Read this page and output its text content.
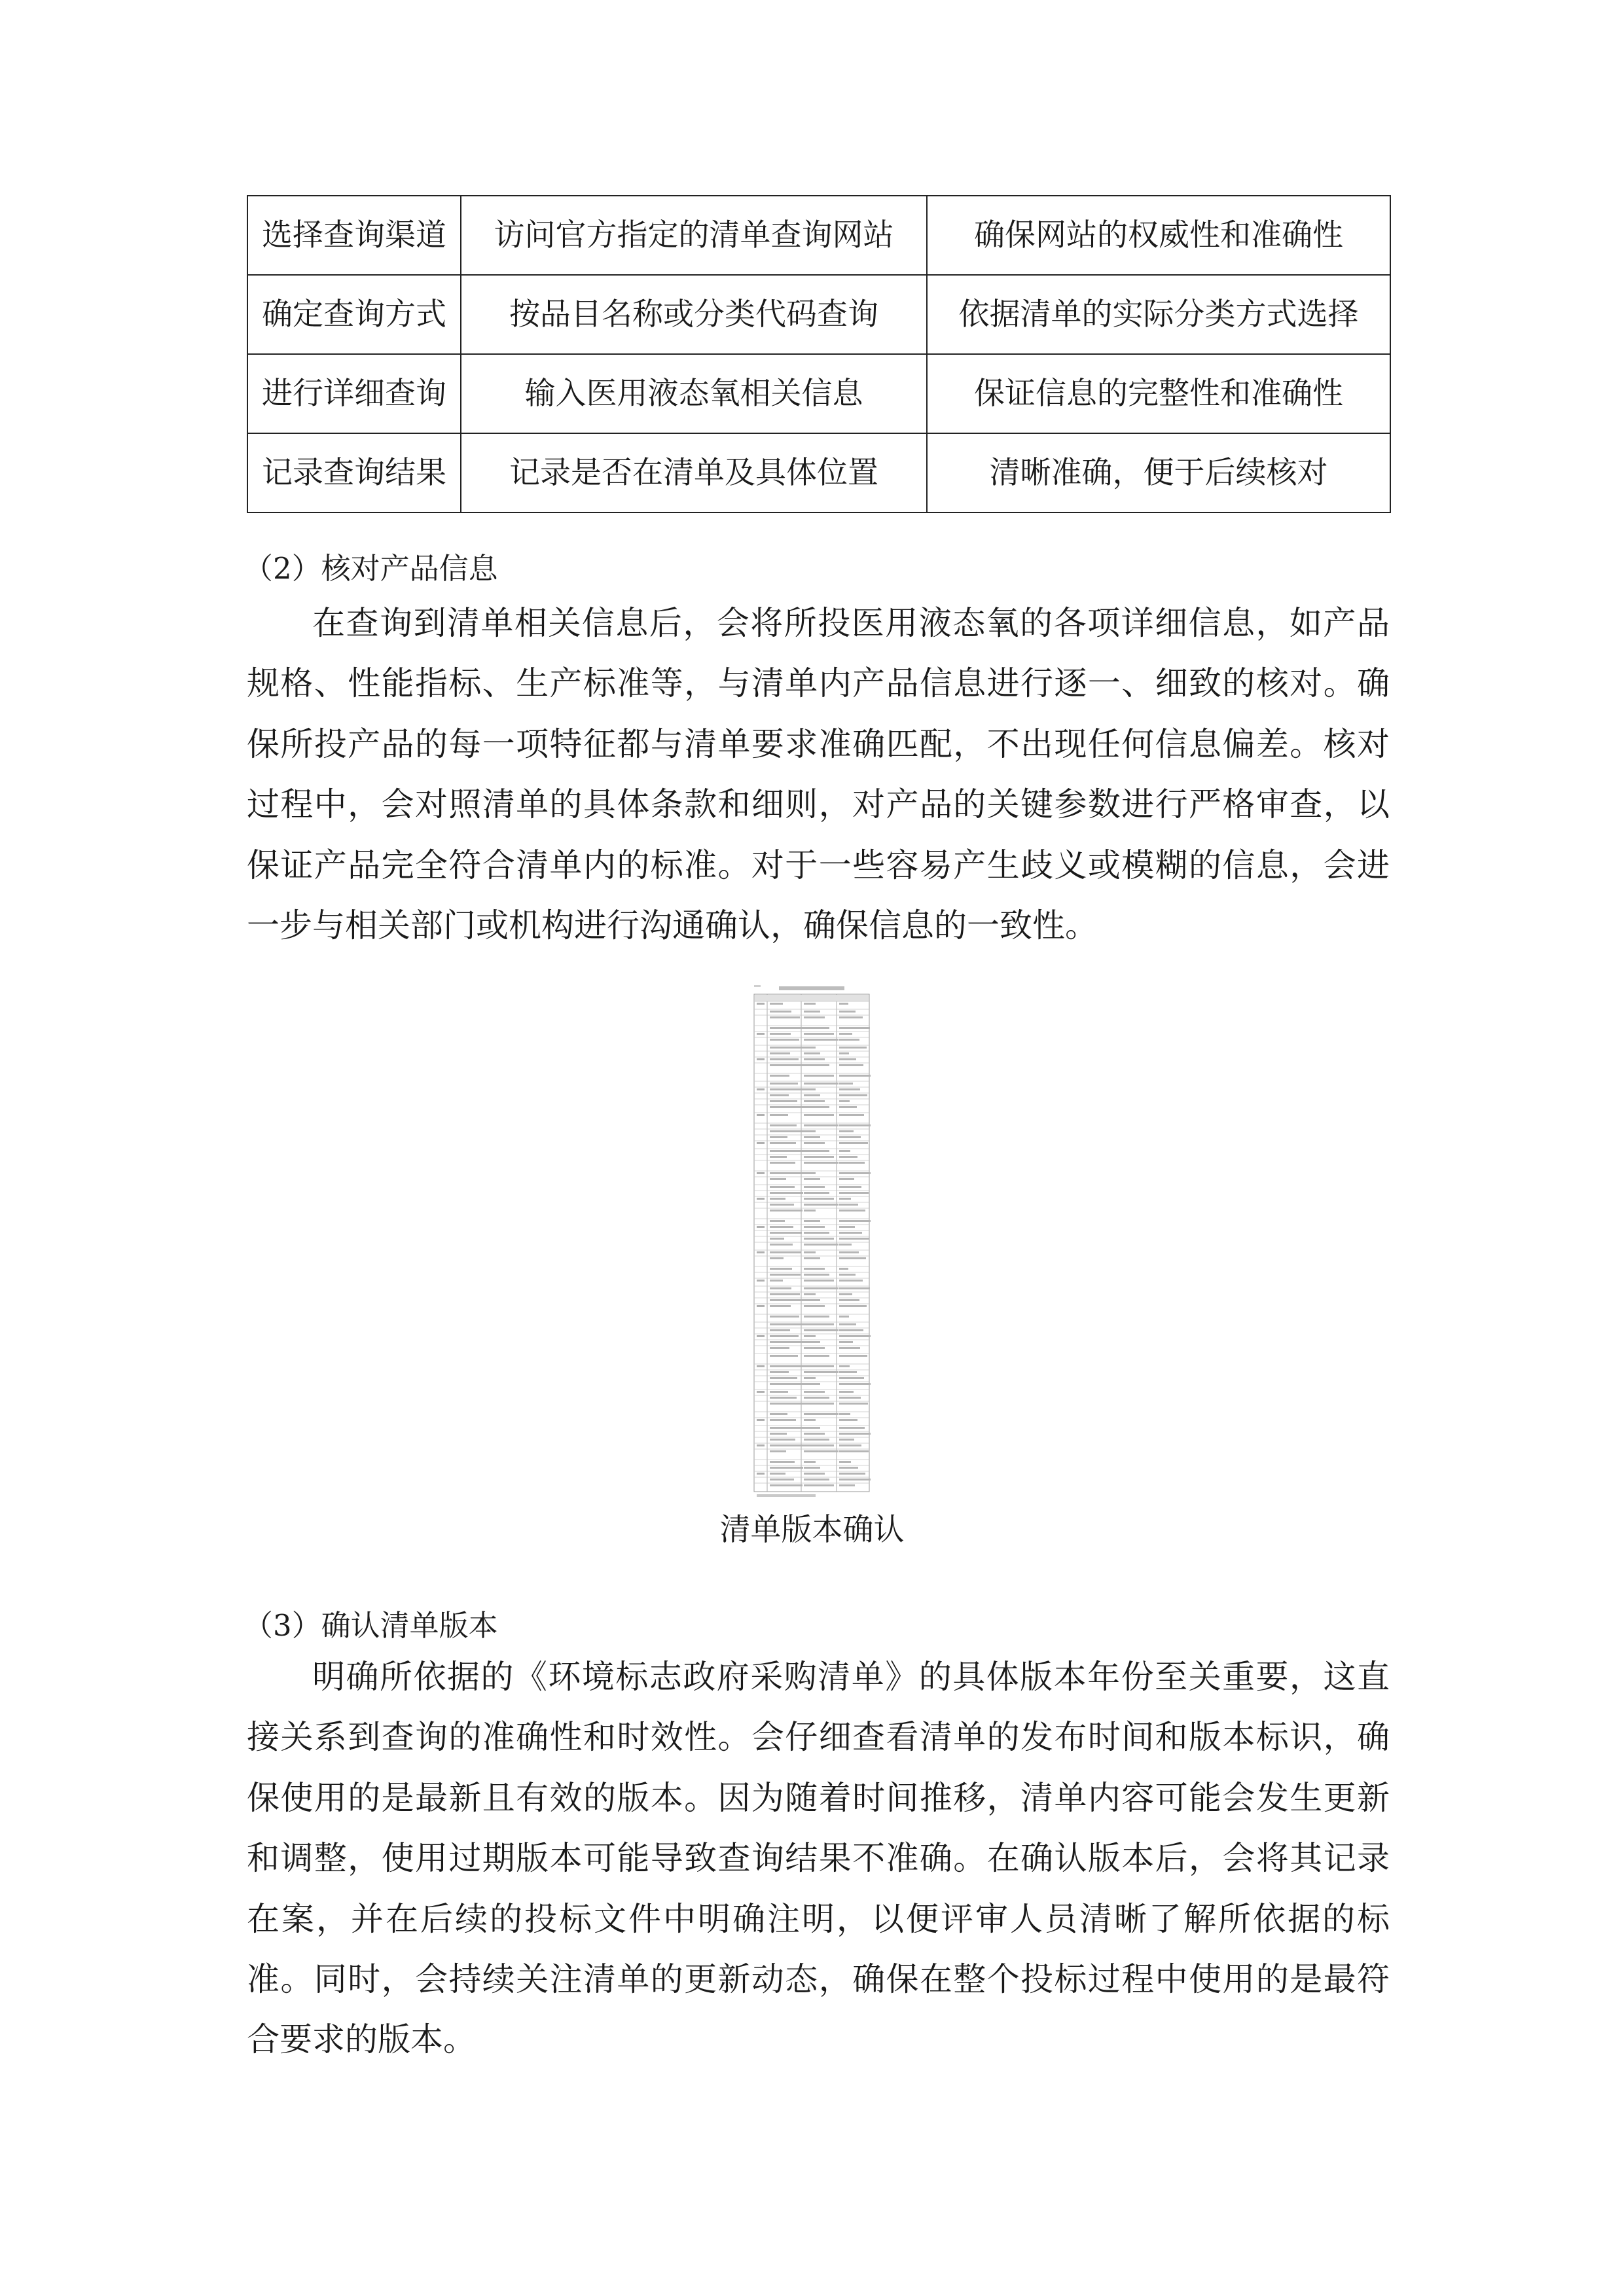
选择查询渠道	访问官方指定的清单查询网站	确保网站的权威性和准确性
确定查询方式	按品目名称或分类代码查询	依据清单的实际分类方式选择
进行详细查询	输入医用液态氧相关信息	保证信息的完整性和准确性
记录查询结果	记录是否在清单及具体位置	清晰准确，便于后续核对
（2）核对产品信息

在查询到清单相关信息后，会将所投医用液态氧的各项详细信息，如产品规格、性能指标、生产标准等，与清单内产品信息进行逐一、细致的核对。确保所投产品的每一项特征都与清单要求准确匹配，不出现任何信息偏差。核对过程中，会对照清单的具体条款和细则，对产品的关键参数进行严格审查，以保证产品完全符合清单内的标准。对于一些容易产生歧义或模糊的信息，会进一步与相关部门或机构进行沟通确认，确保信息的一致性。

清单版本确认
（3）确认清单版本

明确所依据的《环境标志政府采购清单》的具体版本年份至关重要，这直接关系到查询的准确性和时效性。会仔细查看清单的发布时间和版本标识，确保使用的是最新且有效的版本。因为随着时间推移，清单内容可能会发生更新和调整，使用过期版本可能导致查询结果不准确。在确认版本后，会将其记录在案，并在后续的投标文件中明确注明，以便评审人员清晰了解所依据的标准。同时，会持续关注清单的更新动态，确保在整个投标过程中使用的是最符合要求的版本。
